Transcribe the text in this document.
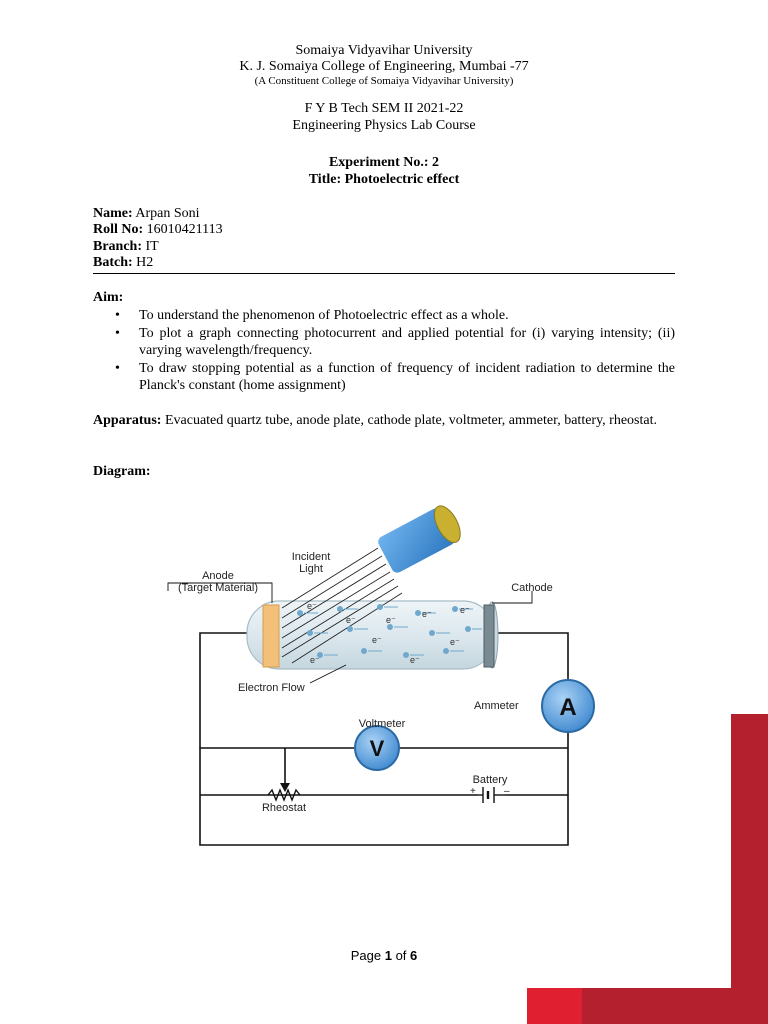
Somaiya Vidyavihar University
K. J. Somaiya College of Engineering, Mumbai -77
(A Constituent College of Somaiya Vidyavihar University)
F Y B Tech SEM II 2021-22
Engineering Physics Lab Course
Experiment No.: 2
Title: Photoelectric effect
Name: Arpan Soni
Roll No: 16010421113
Branch: IT
Batch: H2
Aim:
• To understand the phenomenon of Photoelectric effect as a whole.
• To plot a graph connecting photocurrent and applied potential for (i) varying intensity; (ii) varying wavelength/frequency.
• To draw stopping potential as a function of frequency of incident radiation to determine the Planck's constant (home assignment)
Apparatus: Evacuated quartz tube, anode plate, cathode plate, voltmeter, ammeter, battery, rheostat.
Diagram:
e⁻
e⁻
e⁻
e⁻	e⁻
e⁻
e⁻	e⁻
e⁻
A
V
Incident
Light
Anode
(Target Material)	Cathode
Electron Flow
Ammeter
Voltmeter
Battery
+	–
Rheostat
Page 1 of 6
